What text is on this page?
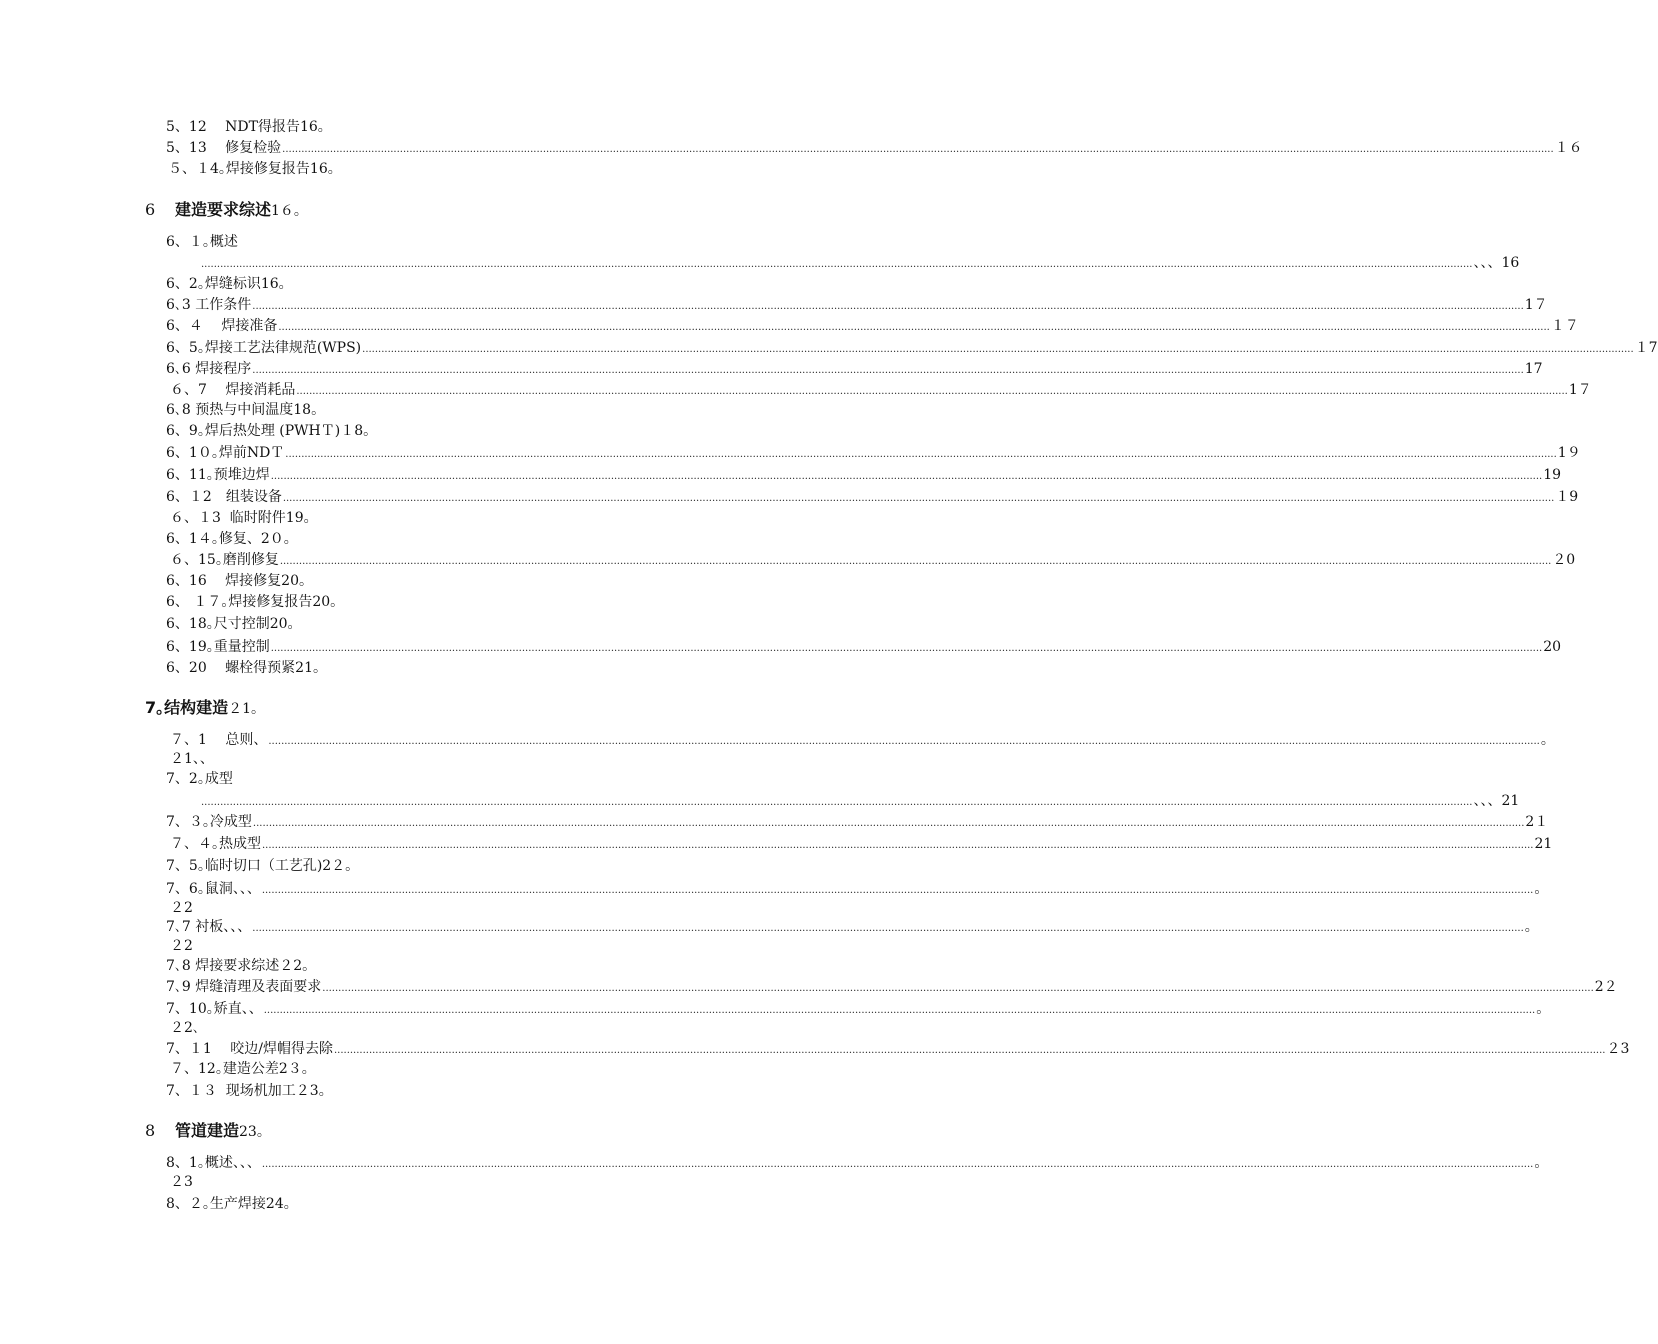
5、12　 NDT得报告16｡
5、13　 修复检验 ................................................................................................................................................................................................................................................................................................................................................................................................................ １６
５、１4｡焊接修复报告16｡
6 建造要求综述1６｡
6、１｡概述
................................................................................................................................................................................................................................................................................................................................................................................................................ 、、、16
6、2｡焊缝标识16｡
6､3 工作条件 ................................................................................................................................................................................................................................................................................................................................................................................................................ 1７
6、４　 焊接准备 ................................................................................................................................................................................................................................................................................................................................................................................................................ １７
6、5｡焊接工艺法律规范(WPS) ................................................................................................................................................................................................................................................................................................................................................................................................................ １7
6､6 焊接程序 ................................................................................................................................................................................................................................................................................................................................................................................................................ 17
６、7　 焊接消耗品 ................................................................................................................................................................................................................................................................................................................................................................................................................ 1７
6､8 预热与中间温度18｡
6、9｡焊后热处理 (PWHＴ)１8｡
6、1０｡焊前NDＴ ................................................................................................................................................................................................................................................................................................................................................................................................................ 1９
6、11｡预堆边焊 ................................................................................................................................................................................................................................................................................................................................................................................................................ 19
6、１2　组装设备 ................................................................................................................................................................................................................................................................................................................................................................................................................ １9
６、１3  临时附件19｡
6、1４｡修复、2０｡
６、15｡磨削修复 ................................................................................................................................................................................................................................................................................................................................................................................................................ ２0
6、16　 焊接修复20｡
6、 １７｡焊接修复报告20｡
6、18｡尺寸控制20｡
6、19｡重量控制 ................................................................................................................................................................................................................................................................................................................................................................................................................ 20
6、20　 螺栓得预紧21｡
7｡结构建造２1｡
７、1　 总则、 ................................................................................................................................................................................................................................................................................................................................................................................................................ ｡
２1、、
7、2｡成型
................................................................................................................................................................................................................................................................................................................................................................................................................ 、、、21
7、３｡冷成型 ................................................................................................................................................................................................................................................................................................................................................................................................................ 2１
７、４｡热成型 ................................................................................................................................................................................................................................................................................................................................................................................................................ 21
7、5｡临时切口（工艺孔)2２｡
7、6｡鼠洞、、、 ................................................................................................................................................................................................................................................................................................................................................................................................................ ｡
２2
7､7 衬板、、、 ................................................................................................................................................................................................................................................................................................................................................................................................................ ｡
２2
7､8 焊接要求综述２2｡
7､9 焊缝清理及表面要求 ................................................................................................................................................................................................................................................................................................................................................................................................................ 2２
7、10｡矫直、、 ................................................................................................................................................................................................................................................................................................................................................................................................................ ｡
２2､
7、１1　 咬边/焊帽得去除 ................................................................................................................................................................................................................................................................................................................................................................................................................ ２3
７、12｡建造公差2３｡
7、１３  现场机加工２3｡
8 管道建造23｡
8、1｡概述、、、 ................................................................................................................................................................................................................................................................................................................................................................................................................ ｡
２3
8、２｡生产焊接24｡
